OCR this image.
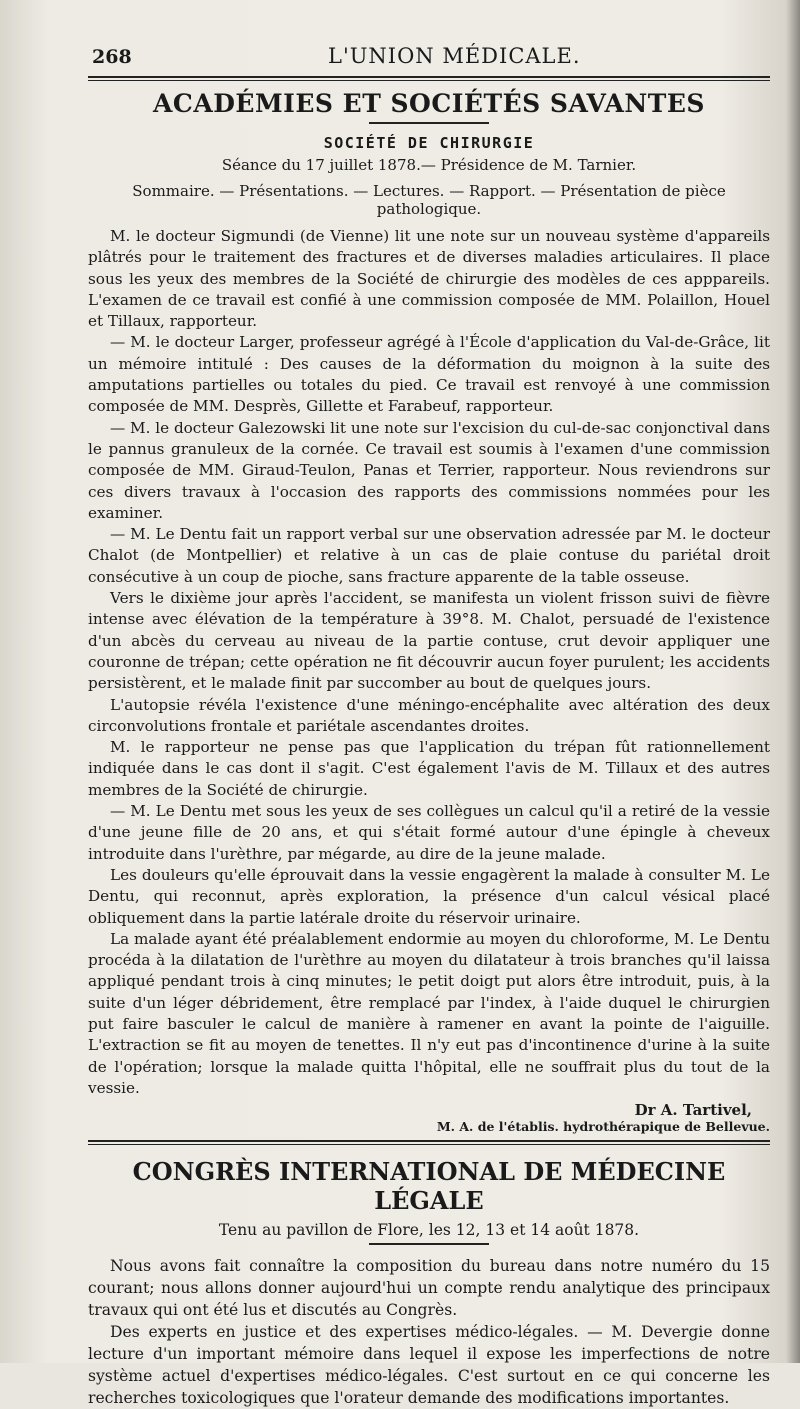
268	L'UNION MÉDICALE.
ACADÉMIES ET SOCIÉTÉS SAVANTES
SOCIÉTÉ DE CHIRURGIE
Séance du 17 juillet 1878.— Présidence de M. Tarnier.
Sommaire. — Présentations. — Lectures. — Rapport. — Présentation de pièce pathologique.

M. le docteur Sigmundi (de Vienne) lit une note sur un nouveau système d'appareils plâtrés pour le traitement des fractures et de diverses maladies articulaires. Il place sous les yeux des membres de la Société de chirurgie des modèles de ces apppareils. L'examen de ce travail est confié à une commission composée de MM. Polaillon, Houel et Tillaux, rapporteur.

— M. le docteur Larger, professeur agrégé à l'École d'application du Val-de-Grâce, lit un mémoire intitulé : Des causes de la déformation du moignon à la suite des amputations partielles ou totales du pied. Ce travail est renvoyé à une commission composée de MM. Desprès, Gillette et Farabeuf, rapporteur.

— M. le docteur Galezowski lit une note sur l'excision du cul-de-sac conjonctival dans le pannus granuleux de la cornée. Ce travail est soumis à l'examen d'une commission composée de MM. Giraud-Teulon, Panas et Terrier, rapporteur. Nous reviendrons sur ces divers travaux à l'occasion des rapports des commissions nommées pour les examiner.

— M. Le Dentu fait un rapport verbal sur une observation adressée par M. le docteur Chalot (de Montpellier) et relative à un cas de plaie contuse du pariétal droit consécutive à un coup de pioche, sans fracture apparente de la table osseuse.

Vers le dixième jour après l'accident, se manifesta un violent frisson suivi de fièvre intense avec élévation de la température à 39°8. M. Chalot, persuadé de l'existence d'un abcès du cerveau au niveau de la partie contuse, crut devoir appliquer une couronne de trépan; cette opération ne fit découvrir aucun foyer purulent; les accidents persistèrent, et le malade finit par succomber au bout de quelques jours.

L'autopsie révéla l'existence d'une méningo-encéphalite avec altération des deux circonvolutions frontale et pariétale ascendantes droites.

M. le rapporteur ne pense pas que l'application du trépan fût rationnellement indiquée dans le cas dont il s'agit. C'est également l'avis de M. Tillaux et des autres membres de la Société de chirurgie.

— M. Le Dentu met sous les yeux de ses collègues un calcul qu'il a retiré de la vessie d'une jeune fille de 20 ans, et qui s'était formé autour d'une épingle à cheveux introduite dans l'urèthre, par mégarde, au dire de la jeune malade.

Les douleurs qu'elle éprouvait dans la vessie engagèrent la malade à consulter M. Le Dentu, qui reconnut, après exploration, la présence d'un calcul vésical placé obliquement dans la partie latérale droite du réservoir urinaire.

La malade ayant été préalablement endormie au moyen du chloroforme, M. Le Dentu procéda à la dilatation de l'urèthre au moyen du dilatateur à trois branches qu'il laissa appliqué pendant trois à cinq minutes; le petit doigt put alors être introduit, puis, à la suite d'un léger débridement, être remplacé par l'index, à l'aide duquel le chirurgien put faire basculer le calcul de manière à ramener en avant la pointe de l'aiguille. L'extraction se fit au moyen de tenettes. Il n'y eut pas d'incontinence d'urine à la suite de l'opération; lorsque la malade quitta l'hôpital, elle ne souffrait plus du tout de la vessie.

Dr A. Tartivel,
M. A. de l'établis. hydrothérapique de Bellevue.
CONGRÈS INTERNATIONAL DE MÉDECINE LÉGALE
Tenu au pavillon de Flore, les 12, 13 et 14 août 1878.

Nous avons fait connaître la composition du bureau dans notre numéro du 15 courant; nous allons donner aujourd'hui un compte rendu analytique des principaux travaux qui ont été lus et discutés au Congrès.

Des experts en justice et des expertises médico-légales. — M. Devergie donne lecture d'un important mémoire dans lequel il expose les imperfections de notre système actuel d'expertises médico-légales. C'est surtout en ce qui concerne les recherches toxicologiques que l'orateur demande des modifications importantes.
